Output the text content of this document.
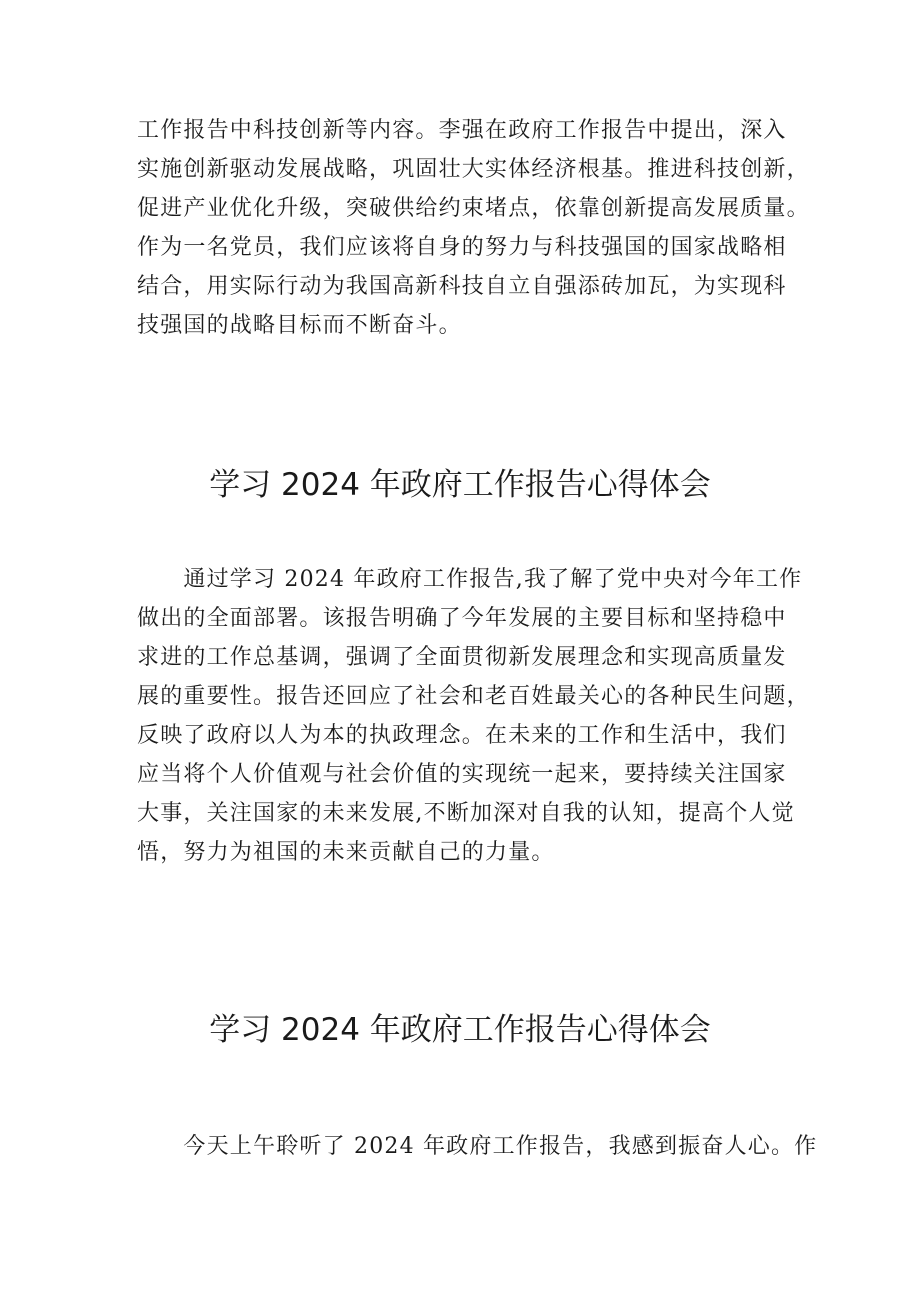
工作报告中科技创新等内容。李强在政府工作报告中提出，深入
实施创新驱动发展战略，巩固壮大实体经济根基。推进科技创新，
促进产业优化升级，突破供给约束堵点，依靠创新提高发展质量。
作为一名党员，我们应该将自身的努力与科技强国的国家战略相
结合，用实际行动为我国高新科技自立自强添砖加瓦，为实现科
技强国的战略目标而不断奋斗。
学习 2024 年政府工作报告心得体会
　　通过学习 2024 年政府工作报告,我了解了党中央对今年工作
做出的全面部署。该报告明确了今年发展的主要目标和坚持稳中
求进的工作总基调，强调了全面贯彻新发展理念和实现高质量发
展的重要性。报告还回应了社会和老百姓最关心的各种民生问题，
反映了政府以人为本的执政理念。在未来的工作和生活中，我们
应当将个人价值观与社会价值的实现统一起来，要持续关注国家
大事，关注国家的未来发展,不断加深对自我的认知，提高个人觉
悟，努力为祖国的未来贡献自己的力量。
学习 2024 年政府工作报告心得体会
　　今天上午聆听了 2024 年政府工作报告，我感到振奋人心。作
